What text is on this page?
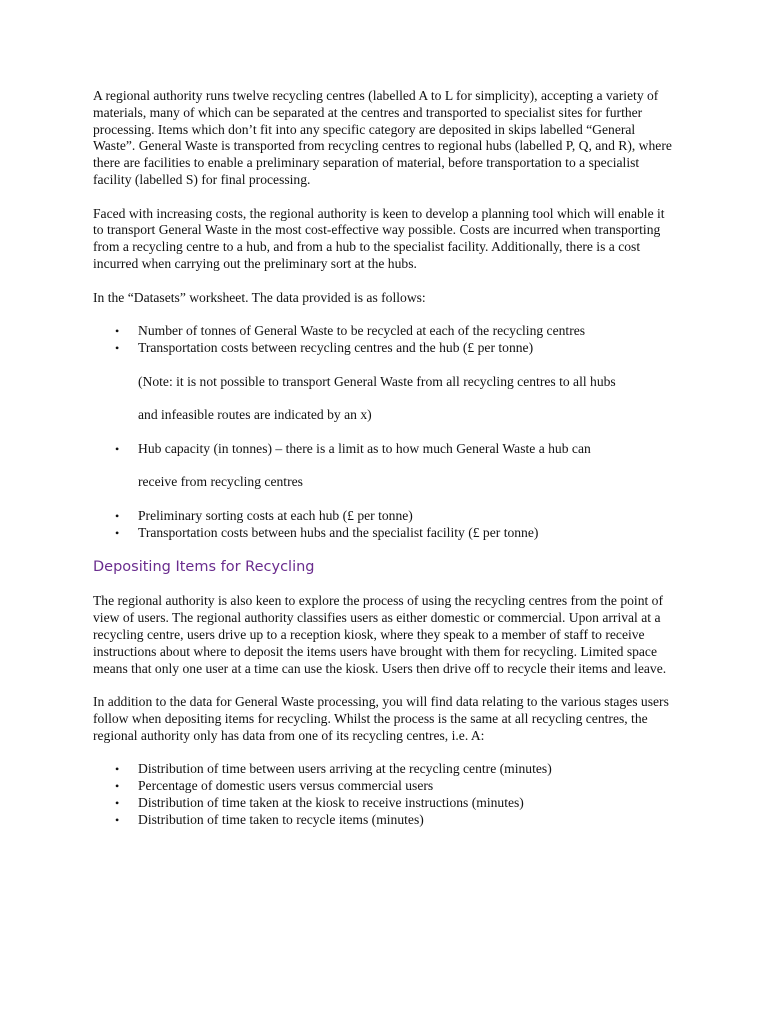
A regional authority runs twelve recycling centres (labelled A to L for simplicity), accepting a variety of materials, many of which can be separated at the centres and transported to specialist sites for further processing. Items which don’t fit into any specific category are deposited in skips labelled “General Waste”. General Waste is transported from recycling centres to regional hubs (labelled P, Q, and R), where there are facilities to enable a preliminary separation of material, before transportation to a specialist facility (labelled S) for final processing.

Faced with increasing costs, the regional authority is keen to develop a planning tool which will enable it to transport General Waste in the most cost-effective way possible. Costs are incurred when transporting from a recycling centre to a hub, and from a hub to the specialist facility. Additionally, there is a cost incurred when carrying out the preliminary sort at the hubs.

In the “Datasets” worksheet. The data provided is as follows:

• Number of tonnes of General Waste to be recycled at each of the recycling centres
• Transportation costs between recycling centres and the hub (£ per tonne)

(Note: it is not possible to transport General Waste from all recycling centres to all hubs

and infeasible routes are indicated by an x)

• Hub capacity (in tonnes) – there is a limit as to how much General Waste a hub can

receive from recycling centres

• Preliminary sorting costs at each hub (£ per tonne)
• Transportation costs between hubs and the specialist facility (£ per tonne)
Depositing Items for Recycling

The regional authority is also keen to explore the process of using the recycling centres from the point of view of users. The regional authority classifies users as either domestic or commercial. Upon arrival at a recycling centre, users drive up to a reception kiosk, where they speak to a member of staff to receive instructions about where to deposit the items users have brought with them for recycling. Limited space means that only one user at a time can use the kiosk. Users then drive off to recycle their items and leave.

In addition to the data for General Waste processing, you will find data relating to the various stages users follow when depositing items for recycling. Whilst the process is the same at all recycling centres, the regional authority only has data from one of its recycling centres, i.e. A:

• Distribution of time between users arriving at the recycling centre (minutes)
• Percentage of domestic users versus commercial users
• Distribution of time taken at the kiosk to receive instructions (minutes)
• Distribution of time taken to recycle items (minutes)
